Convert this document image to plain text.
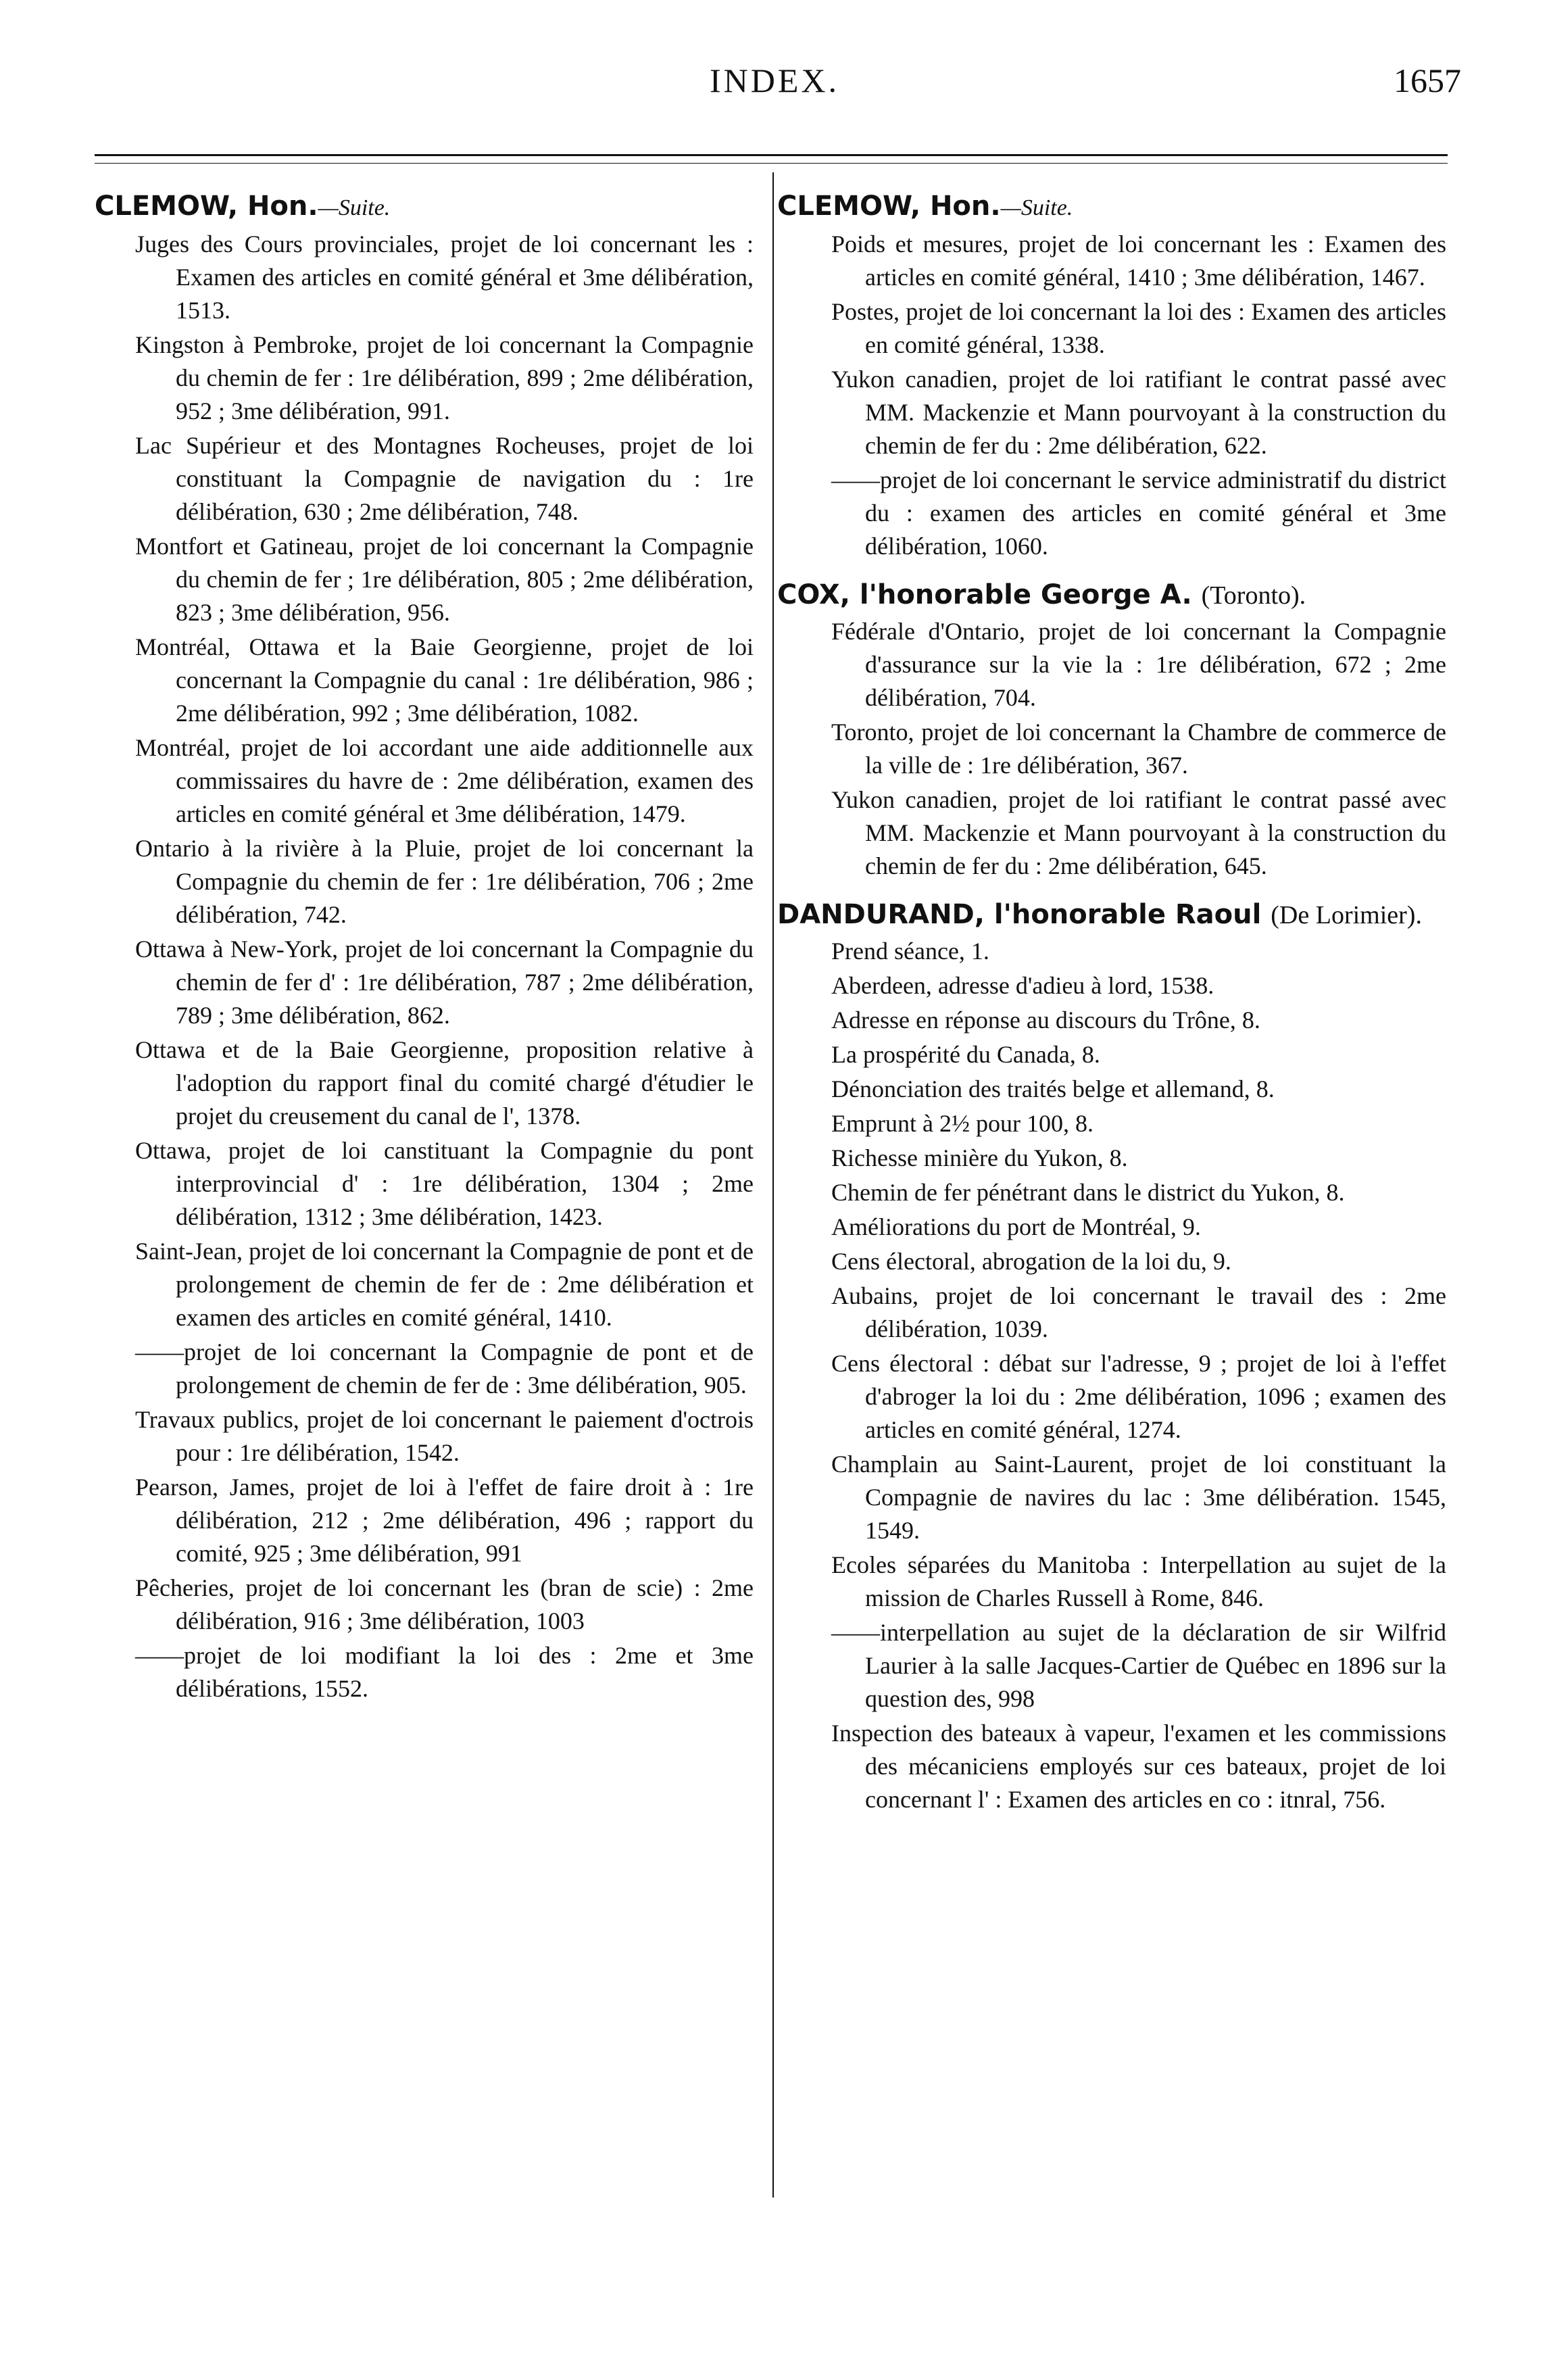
INDEX.	1657
CLEMOW, Hon.—Suite.

Juges des Cours provinciales, projet de loi concernant les : Examen des articles en comité général et 3me délibération, 1513.

Kingston à Pembroke, projet de loi concernant la Compagnie du chemin de fer : 1re délibération, 899 ; 2me délibération, 952 ; 3me délibération, 991.

Lac Supérieur et des Montagnes Rocheuses, projet de loi constituant la Compagnie de navigation du : 1re délibération, 630 ; 2me délibération, 748.

Montfort et Gatineau, projet de loi concernant la Compagnie du chemin de fer ; 1re délibération, 805 ; 2me délibération, 823 ; 3me délibération, 956.

Montréal, Ottawa et la Baie Georgienne, projet de loi concernant la Compagnie du canal : 1re délibération, 986 ; 2me délibération, 992 ; 3me délibération, 1082.

Montréal, projet de loi accordant une aide additionnelle aux commissaires du havre de : 2me délibération, examen des articles en comité général et 3me délibération, 1479.

Ontario à la rivière à la Pluie, projet de loi concernant la Compagnie du chemin de fer : 1re délibération, 706 ; 2me délibération, 742.

Ottawa à New-York, projet de loi concernant la Compagnie du chemin de fer d' : 1re délibération, 787 ; 2me délibération, 789 ; 3me délibération, 862.

Ottawa et de la Baie Georgienne, proposition relative à l'adoption du rapport final du comité chargé d'étudier le projet du creusement du canal de l', 1378.

Ottawa, projet de loi canstituant la Compagnie du pont interprovincial d' : 1re délibération, 1304 ; 2me délibération, 1312 ; 3me délibération, 1423.

Saint-Jean, projet de loi concernant la Compagnie de pont et de prolongement de chemin de fer de : 2me délibération et examen des articles en comité général, 1410.

——projet de loi concernant la Compagnie de pont et de prolongement de chemin de fer de : 3me délibération, 905.

Travaux publics, projet de loi concernant le paiement d'octrois pour : 1re délibération, 1542.

Pearson, James, projet de loi à l'effet de faire droit à : 1re délibération, 212 ; 2me délibération, 496 ; rapport du comité, 925 ; 3me délibération, 991

Pêcheries, projet de loi concernant les (bran de scie) : 2me délibération, 916 ; 3me délibération, 1003

——projet de loi modifiant la loi des : 2me et 3me délibérations, 1552.

CLEMOW, Hon.—Suite.

Poids et mesures, projet de loi concernant les : Examen des articles en comité général, 1410 ; 3me délibération, 1467.

Postes, projet de loi concernant la loi des : Examen des articles en comité général, 1338.

Yukon canadien, projet de loi ratifiant le contrat passé avec MM. Mackenzie et Mann pourvoyant à la construction du chemin de fer du : 2me délibération, 622.

——projet de loi concernant le service administratif du district du : examen des articles en comité général et 3me délibération, 1060.

COX, l'honorable George A. (Toronto).

Fédérale d'Ontario, projet de loi concernant la Compagnie d'assurance sur la vie la : 1re délibération, 672 ; 2me délibération, 704.

Toronto, projet de loi concernant la Chambre de commerce de la ville de : 1re délibération, 367.

Yukon canadien, projet de loi ratifiant le contrat passé avec MM. Mackenzie et Mann pourvoyant à la construction du chemin de fer du : 2me délibération, 645.

DANDURAND, l'honorable Raoul (De Lorimier).

Prend séance, 1.

Aberdeen, adresse d'adieu à lord, 1538.

Adresse en réponse au discours du Trône, 8.

La prospérité du Canada, 8.

Dénonciation des traités belge et allemand, 8.

Emprunt à 2½ pour 100, 8.

Richesse minière du Yukon, 8.

Chemin de fer pénétrant dans le district du Yukon, 8.

Améliorations du port de Montréal, 9.

Cens électoral, abrogation de la loi du, 9.

Aubains, projet de loi concernant le travail des : 2me délibération, 1039.

Cens électoral : débat sur l'adresse, 9 ; projet de loi à l'effet d'abroger la loi du : 2me délibération, 1096 ; examen des articles en comité général, 1274.

Champlain au Saint-Laurent, projet de loi constituant la Compagnie de navires du lac : 3me délibération. 1545, 1549.

Ecoles séparées du Manitoba : Interpellation au sujet de la mission de Charles Russell à Rome, 846.

——interpellation au sujet de la déclaration de sir Wilfrid Laurier à la salle Jacques-Cartier de Québec en 1896 sur la question des, 998

Inspection des bateaux à vapeur, l'examen et les commissions des mécaniciens employés sur ces bateaux, projet de loi concernant l' : Examen des articles en co : itnral, 756.
